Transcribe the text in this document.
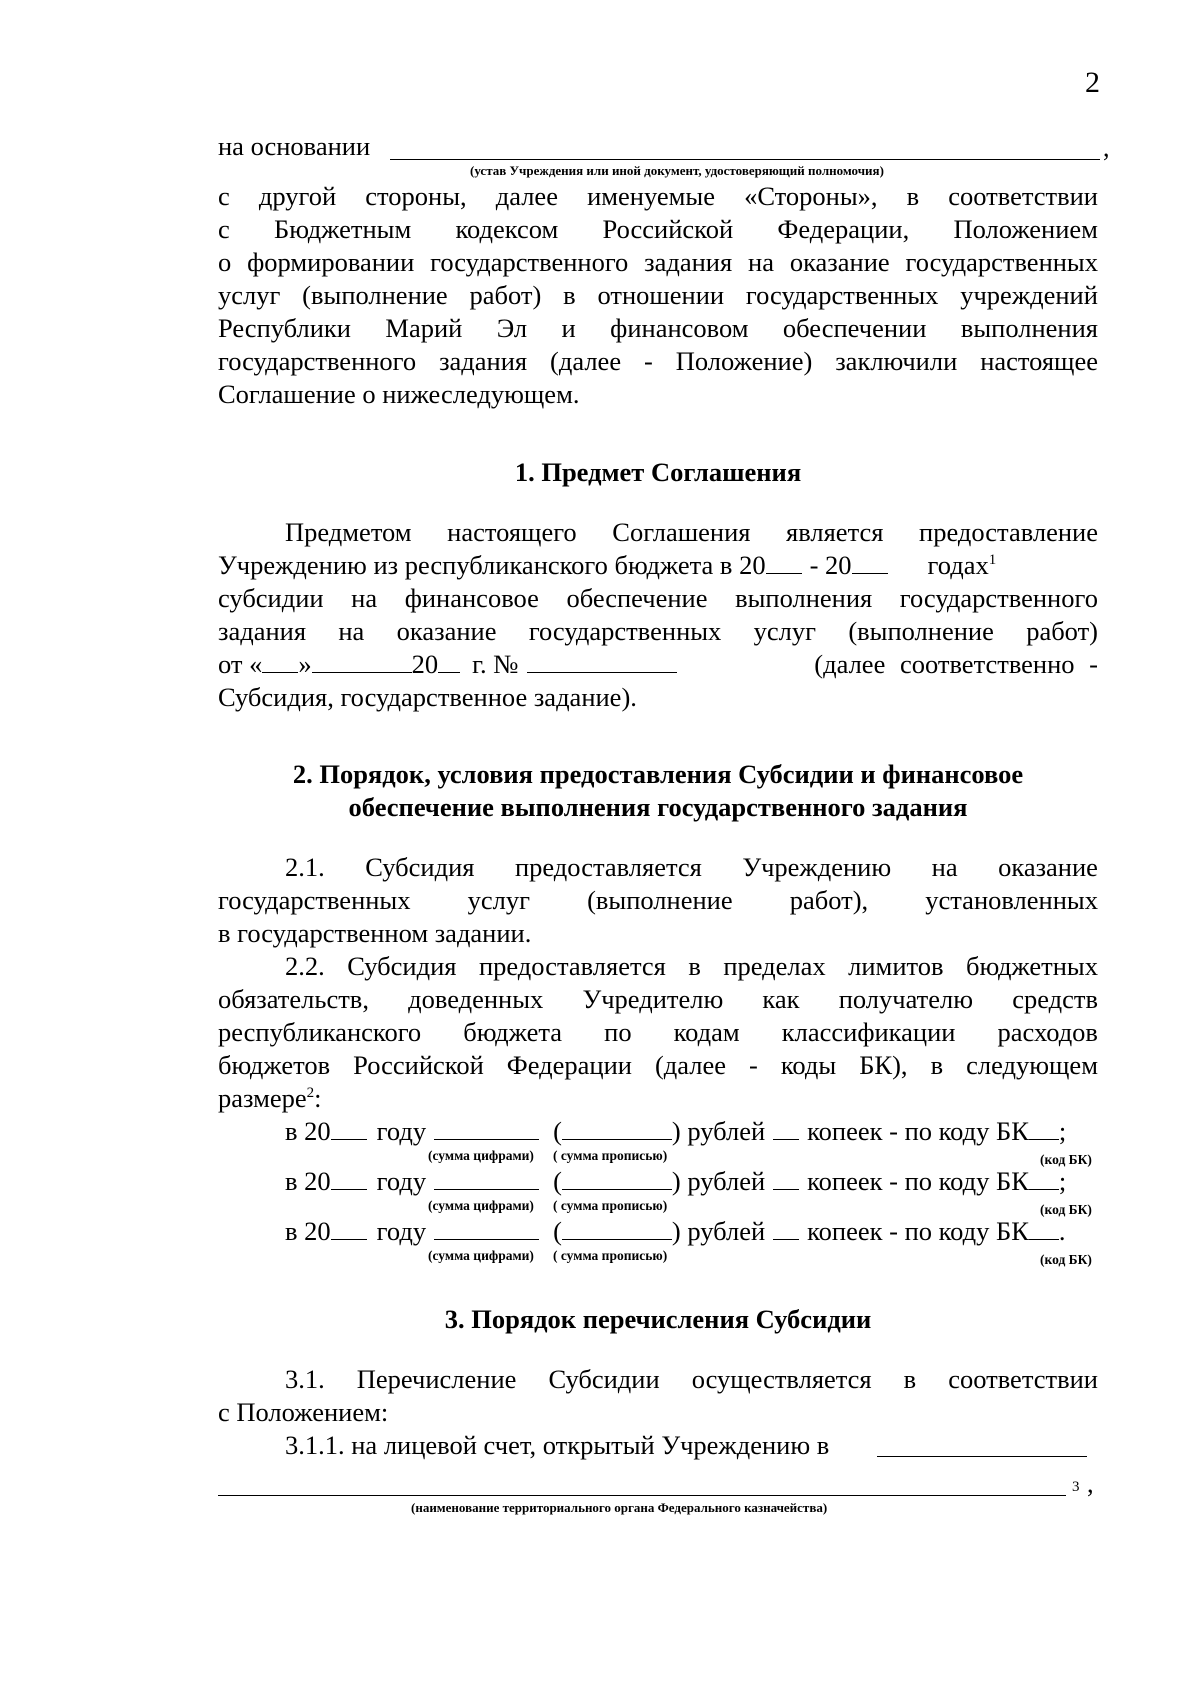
2
на основании	,
(устав Учреждения или иной документ, удостоверяющий полномочия)
с другой стороны, далее именуемые «Стороны», в соответствии
с Бюджетным кодексом Российской Федерации, Положением
о формировании государственного задания на оказание государственных
услуг (выполнение работ) в отношении государственных учреждений
Республики Марий Эл и финансовом обеспечении выполнения
государственного задания (далее - Положение) заключили настоящее
Соглашение о нижеследующем.
1. Предмет Соглашения
Предметом настоящего Соглашения является предоставление
Учреждению из республиканского бюджета в 20 - 20	годах$^1$
субсидии на финансовое обеспечение выполнения государственного
задания на оказание государственных услуг (выполнение работ)
от « »	20 г. №	(далее соответственно -
Субсидия, государственное задание).
2. Порядок, условия предоставления Субсидии и финансовое
обеспечение выполнения государственного задания
2.1. Субсидия предоставляется Учреждению на оказание
государственных услуг (выполнение работ), установленных
в государственном задании.
2.2. Субсидия предоставляется в пределах лимитов бюджетных
обязательств, доведенных Учредителю как получателю средств
республиканского бюджета по кодам классификации расходов
бюджетов Российской Федерации (далее - коды БК), в следующем
размере$^2$:
в 20 году	(	) рублей копеек - по коду БК ;
(сумма цифрами) ( сумма прописью)	(код БК)
в 20 году	(	) рублей копеек - по коду БК ;
(сумма цифрами) ( сумма прописью)	(код БК)
в 20 году	(	) рублей копеек - по коду БК .
(сумма цифрами) ( сумма прописью)	(код БК)
3. Порядок перечисления Субсидии
3.1. Перечисление Субсидии осуществляется в соответствии
с Положением:
3.1.1. на лицевой счет, открытый Учреждению в
3 ,
(наименование территориального органа Федерального казначейства)
